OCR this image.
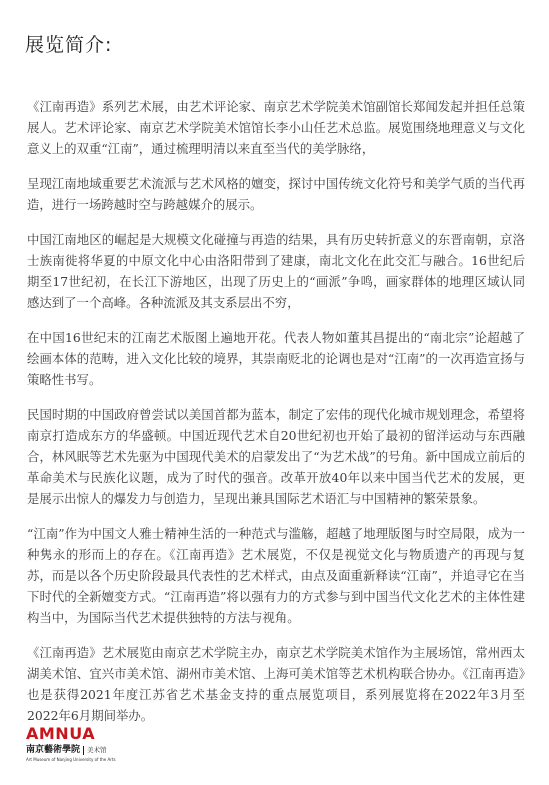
展览简介:

《江南再造》系列艺术展，由艺术评论家、南京艺术学院美术馆副馆长郑闻发起并担任总策展人。艺术评论家、南京艺术学院美术馆馆长李小山任艺术总监。展览围绕地理意义与文化意义上的双重“江南”，通过梳理明清以来直至当代的美学脉络，

呈现江南地域重要艺术流派与艺术风格的嬗变，探讨中国传统文化符号和美学气质的当代再造，进行一场跨越时空与跨越媒介的展示。

中国江南地区的崛起是大规模文化碰撞与再造的结果，具有历史转折意义的东晋南朝，京洛士族南徙将华夏的中原文化中心由洛阳带到了建康，南北文化在此交汇与融合。16世纪后期至17世纪初，在长江下游地区，出现了历史上的“画派”争鸣，画家群体的地理区域认同感达到了一个高峰。各种流派及其支系层出不穷，

在中国16世纪末的江南艺术版图上遍地开花。代表人物如董其昌提出的“南北宗”论超越了绘画本体的范畴，进入文化比较的境界，其崇南贬北的论调也是对“江南”的一次再造宣扬与策略性书写。

民国时期的中国政府曾尝试以美国首都为蓝本，制定了宏伟的现代化城市规划理念，希望将南京打造成东方的华盛顿。中国近现代艺术自20世纪初也开始了最初的留洋运动与东西融合，林风眠等艺术先驱为中国现代美术的启蒙发出了“为艺术战”的号角。新中国成立前后的革命美术与民族化议题，成为了时代的强音。改革开放40年以来中国当代艺术的发展，更是展示出惊人的爆发力与创造力，呈现出兼具国际艺术语汇与中国精神的繁荣景象。

“江南”作为中国文人雅士精神生活的一种范式与滥觞，超越了地理版图与时空局限，成为一种隽永的形而上的存在。《江南再造》艺术展览，不仅是视觉文化与物质遗产的再现与复苏，而是以各个历史阶段最具代表性的艺术样式，由点及面重新释读“江南”，并追寻它在当下时代的全新嬗变方式。“江南再造”将以强有力的方式参与到中国当代文化艺术的主体性建构当中，为国际当代艺术提供独特的方法与视角。

《江南再造》艺术展览由南京艺术学院主办，南京艺术学院美术馆作为主展场馆，常州西太湖美术馆、宜兴市美术馆、湖州市美术馆、上海可美术馆等艺术机构联合协办。《江南再造》也是获得2021年度江苏省艺术基金支持的重点展览项目，系列展览将在2022年3月至2022年6月期间举办。

AMNUA
南京藝術學院 美术馆
Art Museum of Nanjing University of the Arts
